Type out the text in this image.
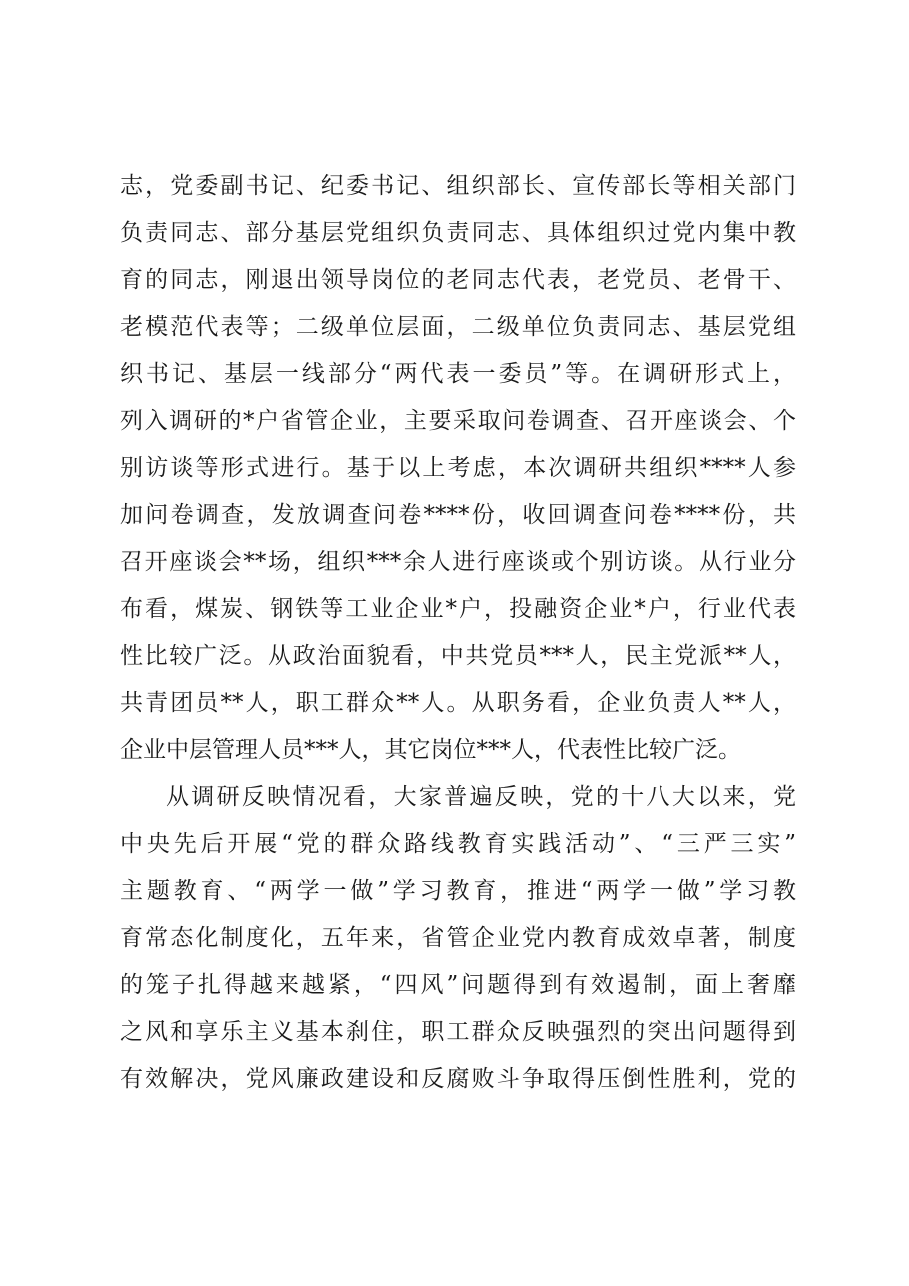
志，党委副书记、纪委书记、组织部长、宣传部长等相关部门
负责同志、部分基层党组织负责同志、具体组织过党内集中教
育的同志，刚退出领导岗位的老同志代表，老党员、老骨干、
老模范代表等；二级单位层面，二级单位负责同志、基层党组
织书记、基层一线部分“两代表一委员”等。在调研形式上，
列入调研的*户省管企业，主要采取问卷调查、召开座谈会、个
别访谈等形式进行。基于以上考虑，本次调研共组织****人参
加问卷调查，发放调查问卷****份，收回调查问卷****份，共
召开座谈会**场，组织***余人进行座谈或个别访谈。从行业分
布看，煤炭、钢铁等工业企业*户，投融资企业*户，行业代表
性比较广泛。从政治面貌看，中共党员***人，民主党派**人，
共青团员**人，职工群众**人。从职务看，企业负责人**人，
企业中层管理人员***人，其它岗位***人，代表性比较广泛。
从调研反映情况看，大家普遍反映，党的十八大以来，党
中央先后开展“党的群众路线教育实践活动”、“三严三实”
主题教育、“两学一做”学习教育，推进“两学一做”学习教
育常态化制度化，五年来，省管企业党内教育成效卓著，制度
的笼子扎得越来越紧，“四风”问题得到有效遏制，面上奢靡
之风和享乐主义基本刹住，职工群众反映强烈的突出问题得到
有效解决，党风廉政建设和反腐败斗争取得压倒性胜利，党的
